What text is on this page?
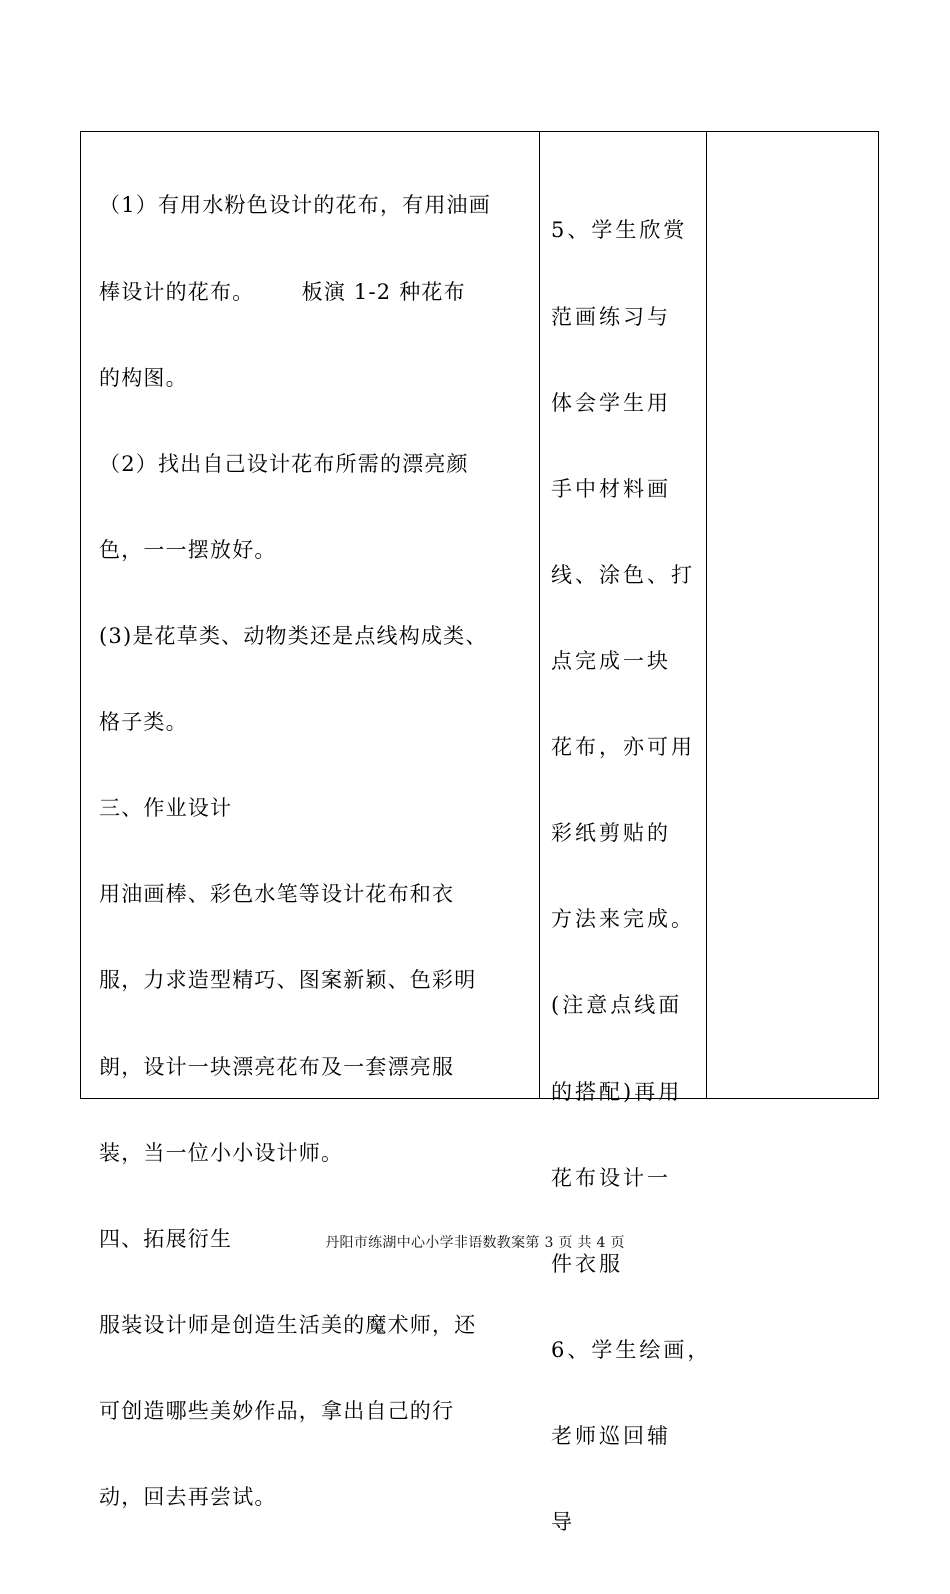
（1）有用水粉色设计的花布，有用油画

棒设计的花布。      板演 1-2 种花布

的构图。

（2）找出自己设计花布所需的漂亮颜

色，一一摆放好。

(3)是花草类、动物类还是点线构成类、

格子类。

三、作业设计

用油画棒、彩色水笔等设计花布和衣

服，力求造型精巧、图案新颖、色彩明

朗，设计一块漂亮花布及一套漂亮服

装，当一位小小设计师。

四、拓展衍生

服装设计师是创造生活美的魔术师，还

可创造哪些美妙作品，拿出自己的行

动，回去再尝试。

5、学生欣赏

范画练习与

体会学生用

手中材料画

线、涂色、打

点完成一块

花布，亦可用

彩纸剪贴的

方法来完成。

(注意点线面

的搭配)再用

花布设计一

件衣服

6、学生绘画，

老师巡回辅

导

丹阳市练湖中心小学非语数教案第 3 页 共 4 页
